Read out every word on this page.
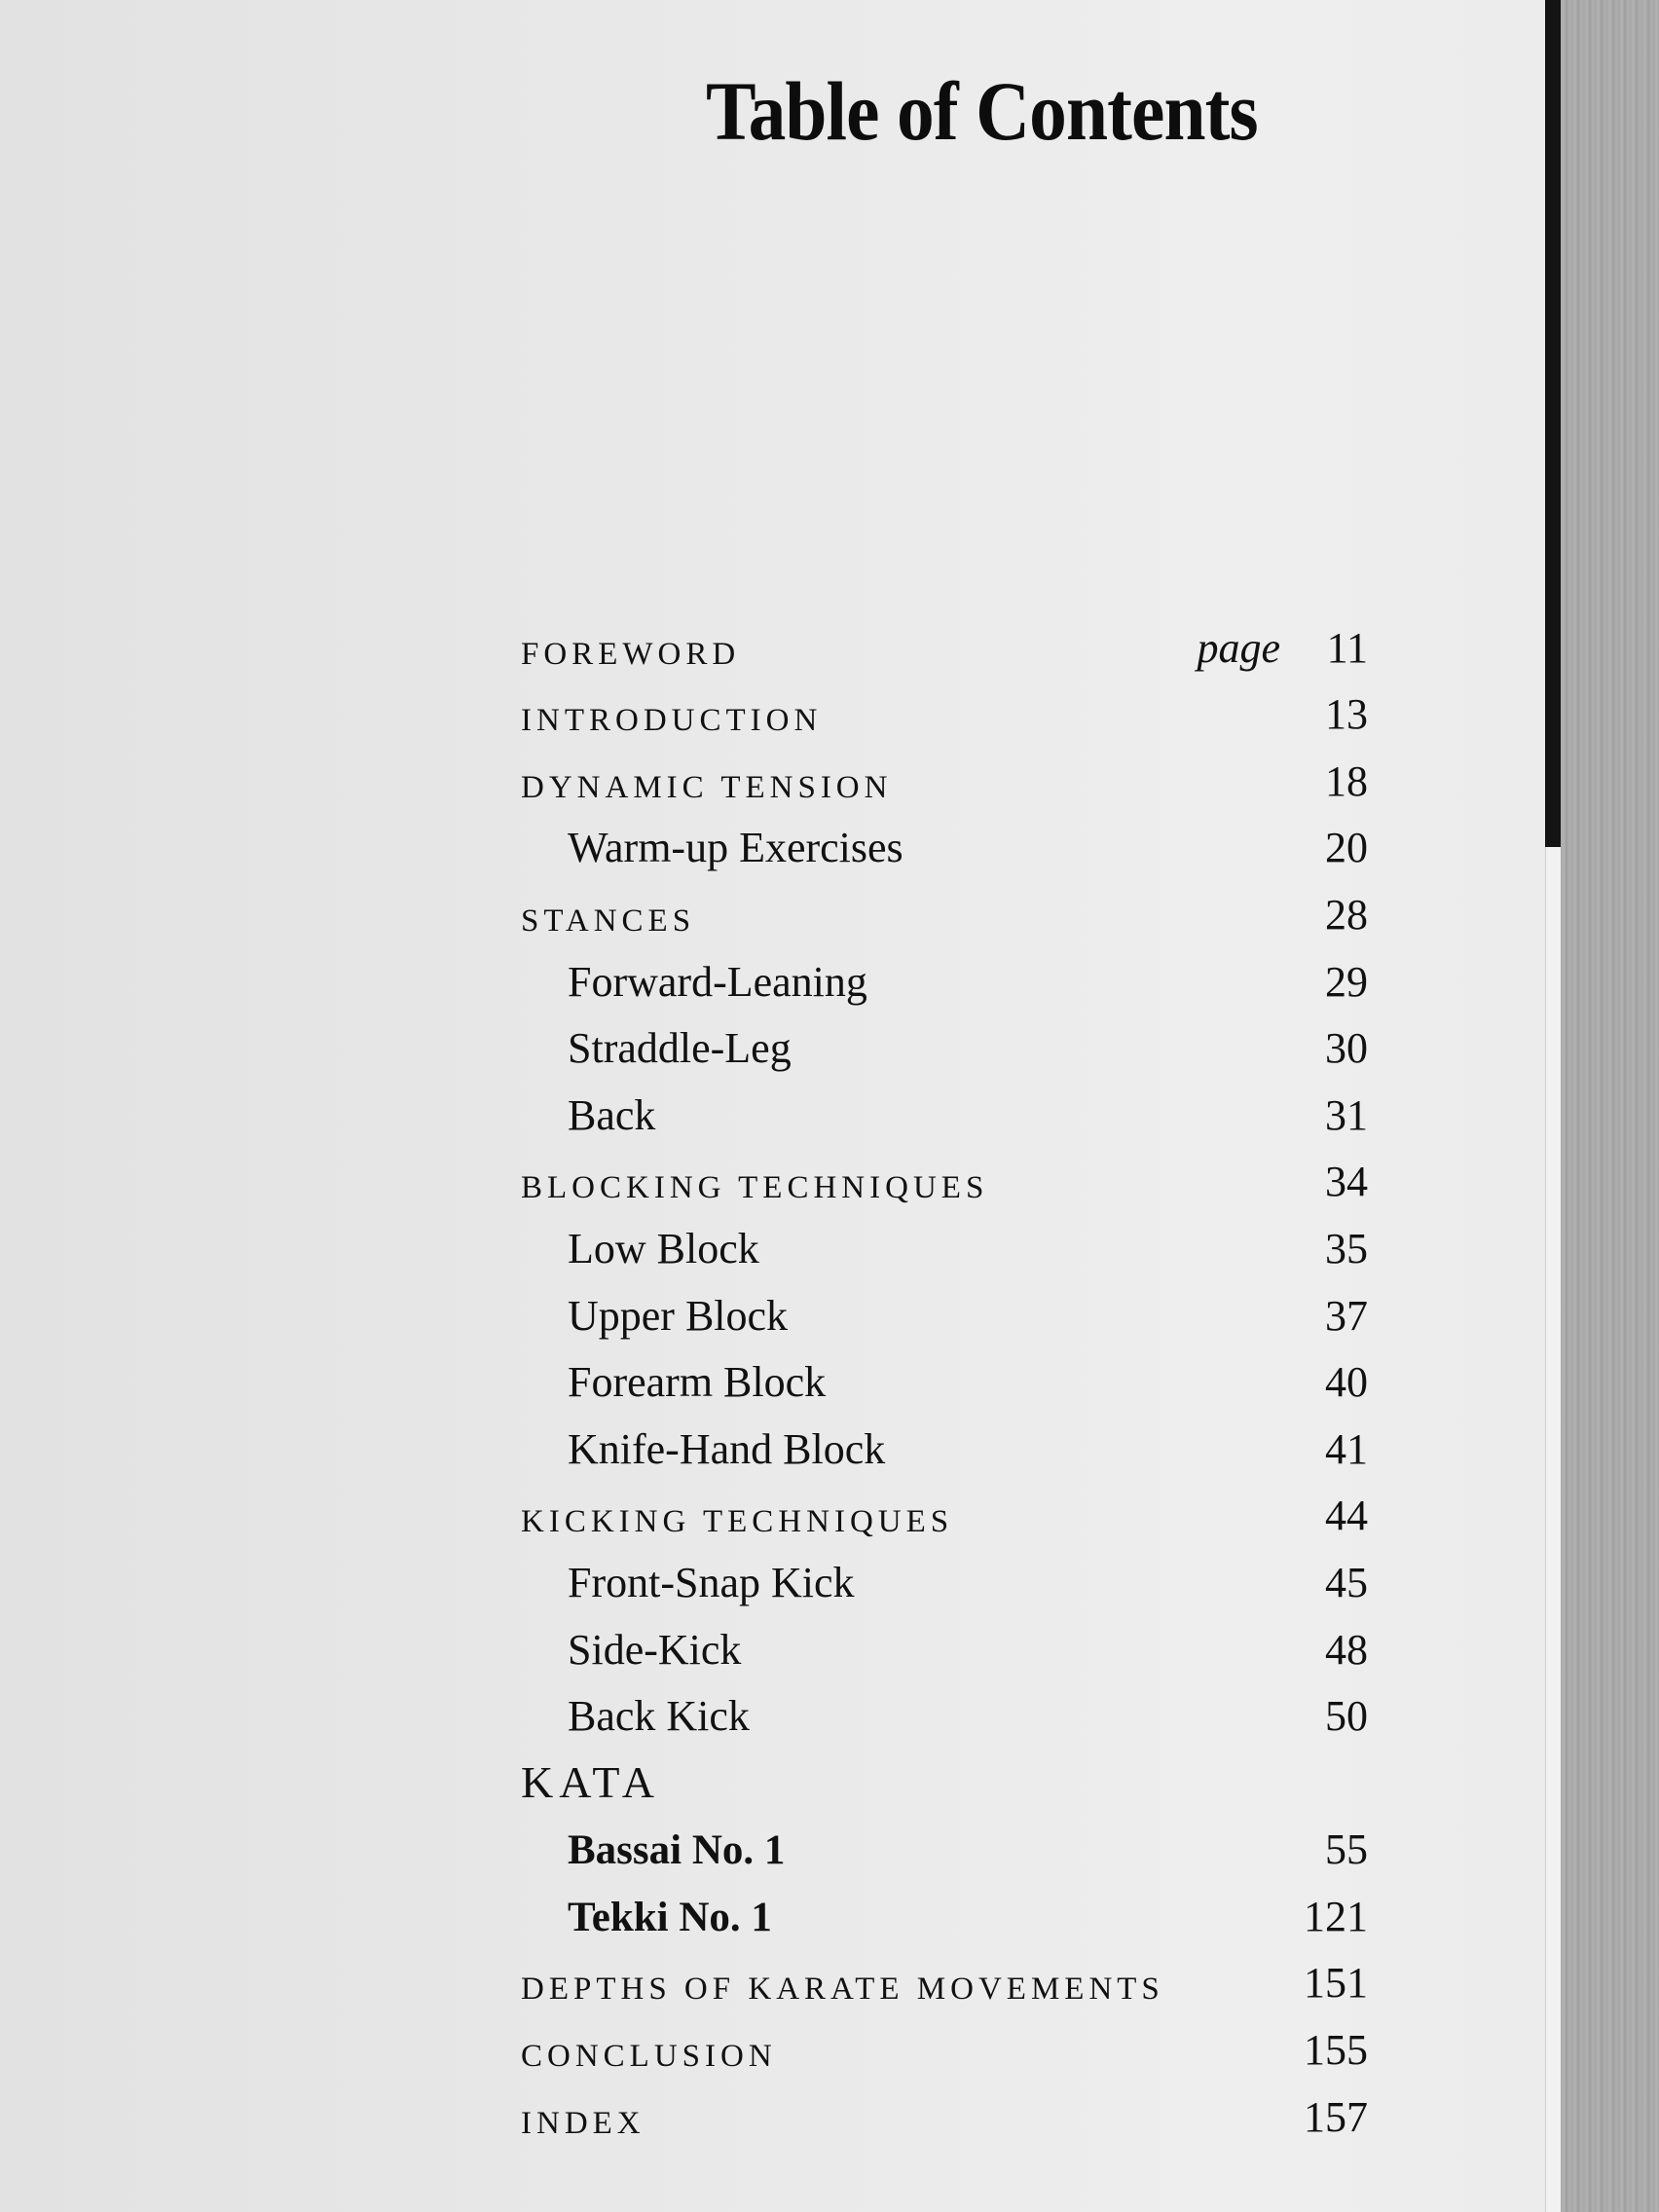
Table of Contents
FOREWORD	page 11
INTRODUCTION	13
DYNAMIC TENSION	18
Warm-up Exercises	20
STANCES	28
Forward-Leaning	29
Straddle-Leg	30
Back	31
BLOCKING TECHNIQUES	34
Low Block	35
Upper Block	37
Forearm Block	40
Knife-Hand Block	41
KICKING TECHNIQUES	44
Front-Snap Kick	45
Side-Kick	48
Back Kick	50
KATA
Bassai No. 1	55
Tekki No. 1	121
DEPTHS OF KARATE MOVEMENTS	151
CONCLUSION	155
INDEX	157
